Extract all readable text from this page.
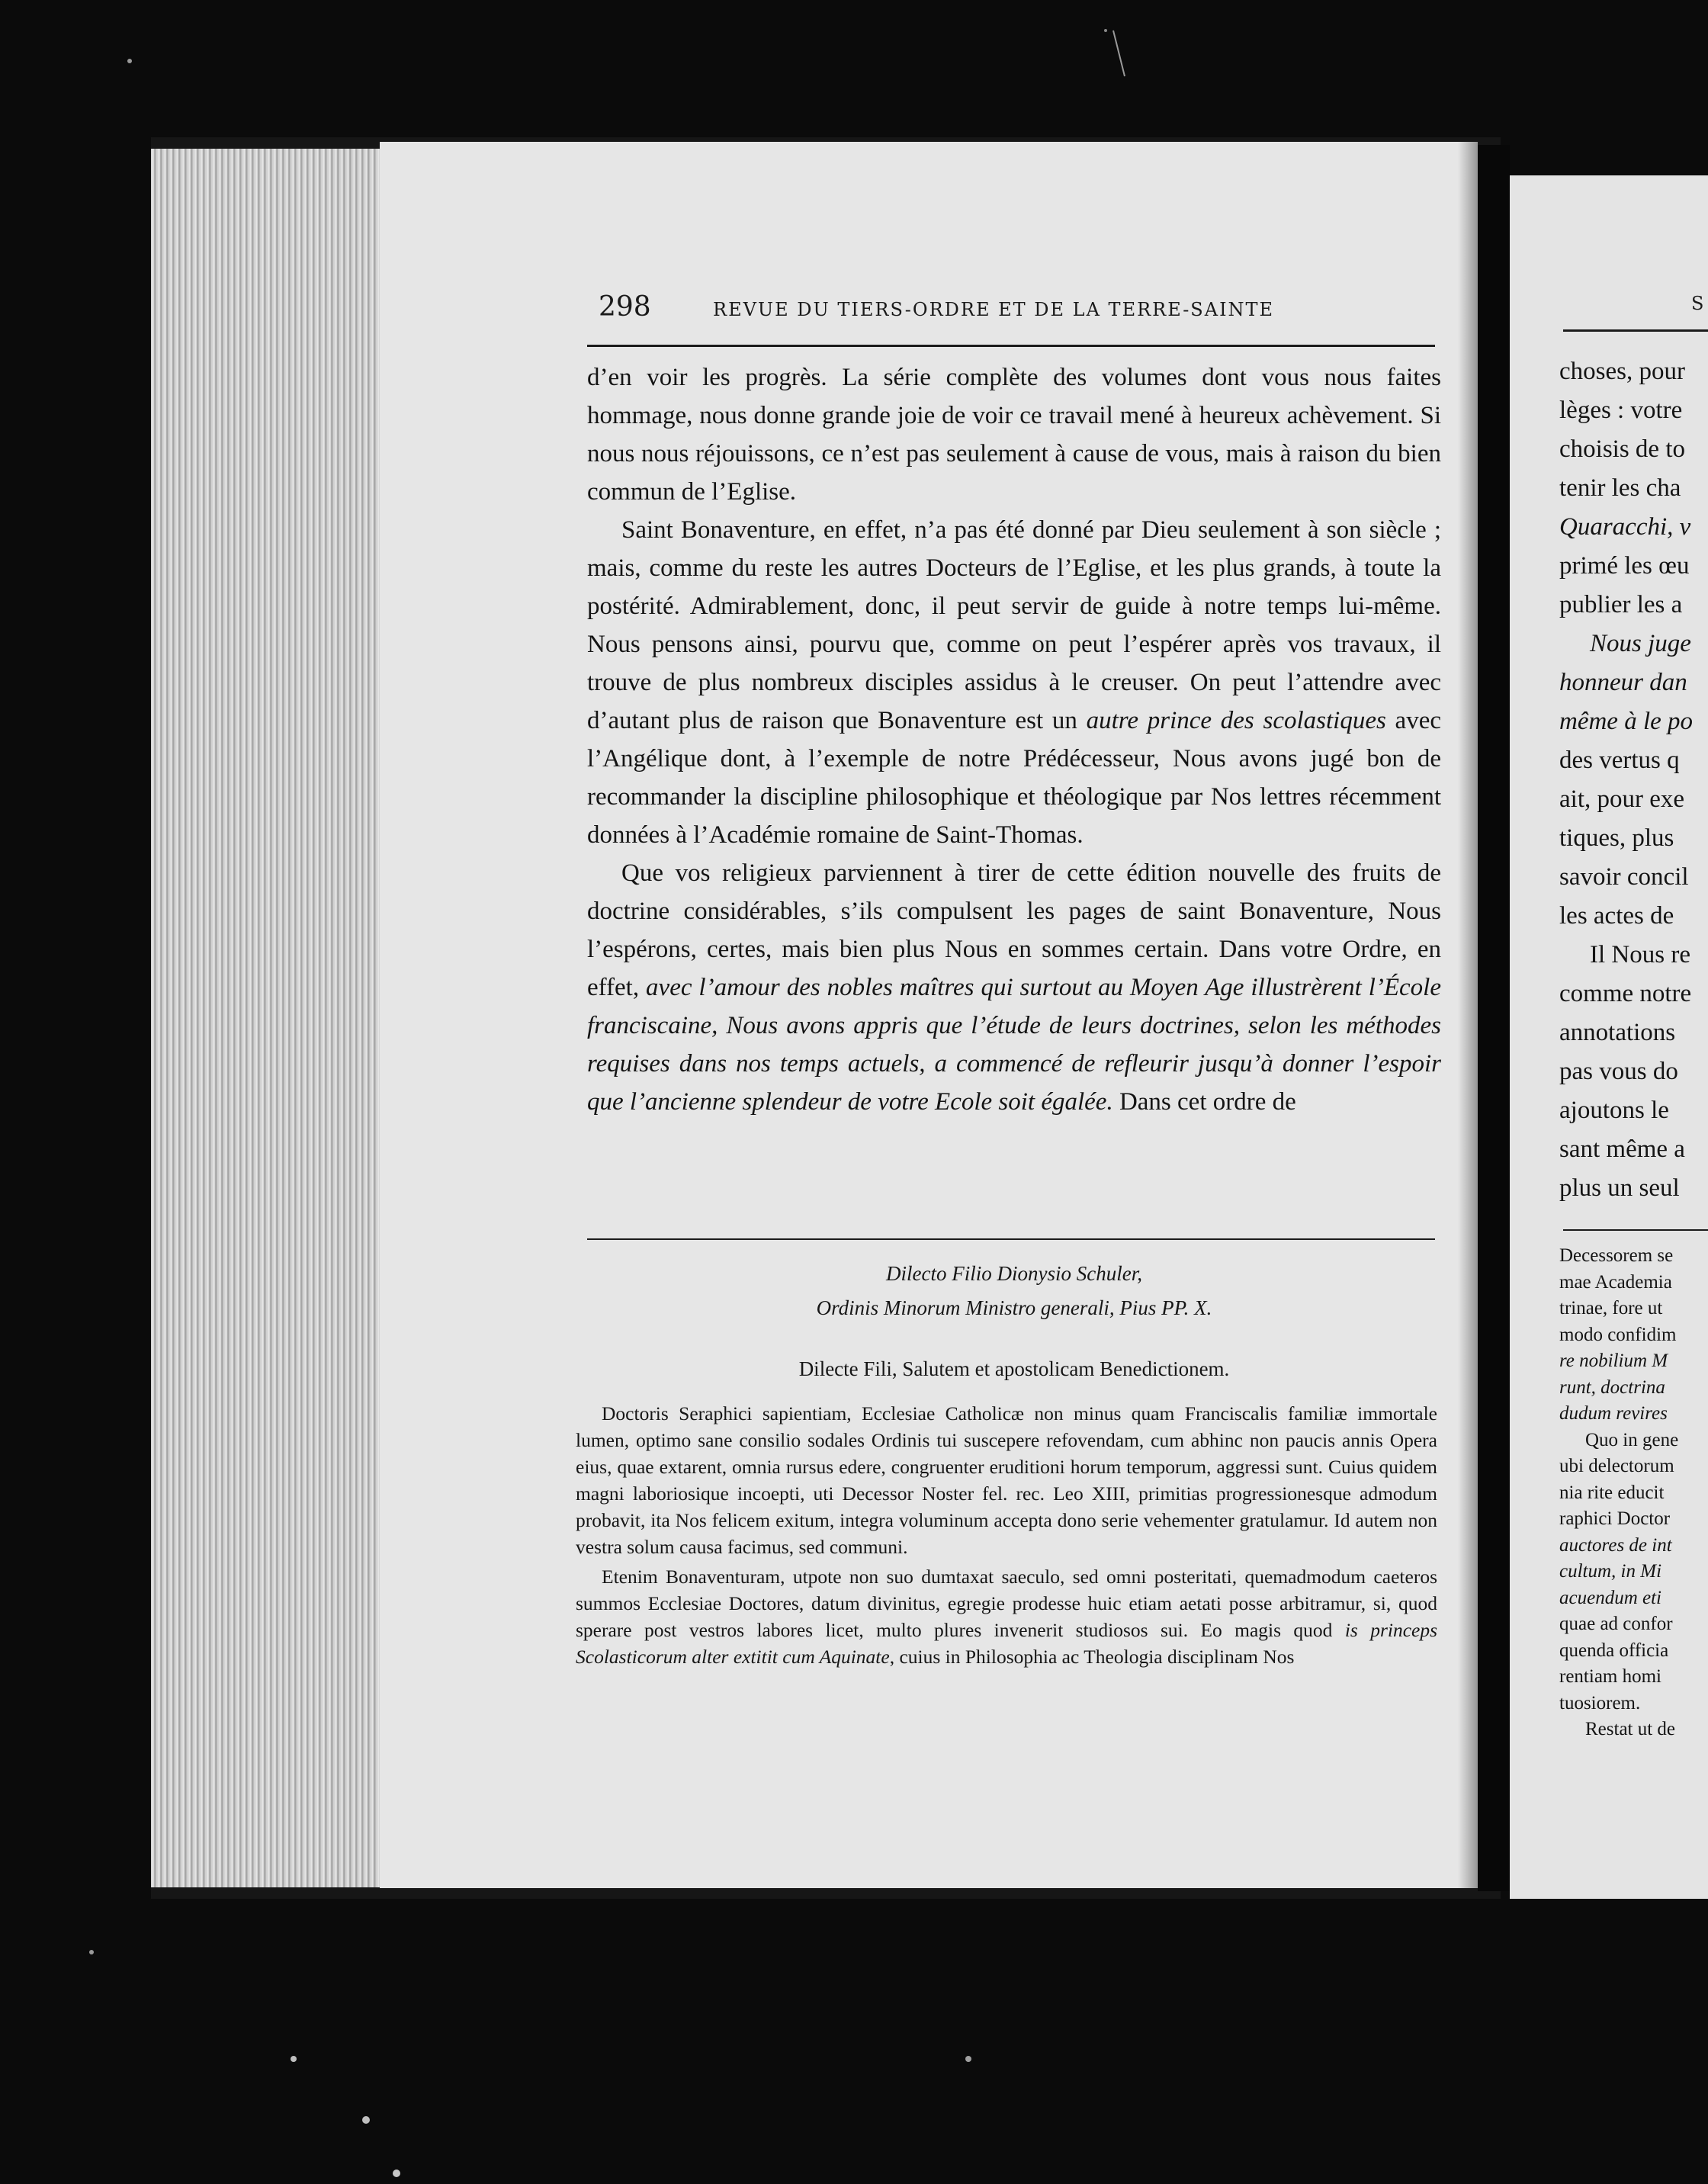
298	REVUE DU TIERS-ORDRE ET DE LA TERRE-SAINTE

d’en voir les progrès. La série complète des volumes dont vous nous faites hommage, nous donne grande joie de voir ce travail mené à heureux achèvement. Si nous nous réjouissons, ce n’est pas seulement à cause de vous, mais à raison du bien commun de l’Eglise.

Saint Bonaventure, en effet, n’a pas été donné par Dieu seulement à son siècle ; mais, comme du reste les autres Docteurs de l’Eglise, et les plus grands, à toute la postérité. Admirablement, donc, il peut servir de guide à notre temps lui-même. Nous pensons ainsi, pourvu que, comme on peut l’espérer après vos travaux, il trouve de plus nombreux disciples assidus à le creuser. On peut l’attendre avec d’autant plus de raison que Bonaventure est un autre prince des scolastiques avec l’Angélique dont, à l’exemple de notre Prédécesseur, Nous avons jugé bon de recommander la discipline philosophique et théologique par Nos lettres récemment données à l’Académie romaine de Saint-Thomas.

Que vos religieux parviennent à tirer de cette édition nouvelle des fruits de doctrine considérables, s’ils compulsent les pages de saint Bonaventure, Nous l’espérons, certes, mais bien plus Nous en sommes certain. Dans votre Ordre, en effet, avec l’amour des nobles maîtres qui surtout au Moyen Age illustrèrent l’École franciscaine, Nous avons appris que l’étude de leurs doctrines, selon les méthodes requises dans nos temps actuels, a commencé de refleurir jusqu’à donner l’espoir que l’ancienne splendeur de votre Ecole soit égalée. Dans cet ordre de

Dilecto Filio Dionysio Schuler,
Ordinis Minorum Ministro generali, Pius PP. X.
Dilecte Fili, Salutem et apostolicam Benedictionem.

Doctoris Seraphici sapientiam, Ecclesiae Catholicæ non minus quam Franciscalis familiæ immortale lumen, optimo sane consilio sodales Ordinis tui suscepere refovendam, cum abhinc non paucis annis Opera eius, quae extarent, omnia rursus edere, congruenter eruditioni horum temporum, aggressi sunt. Cuius quidem magni laboriosique incoepti, uti Decessor Noster fel. rec. Leo XIII, primitias progressionesque admodum probavit, ita Nos felicem exitum, integra voluminum accepta dono serie vehementer gratulamur. Id autem non vestra solum causa facimus, sed communi.

Etenim Bonaventuram, utpote non suo dumtaxat saeculo, sed omni posteritati, quemadmodum caeteros summos Ecclesiae Doctores, datum divinitus, egregie prodesse huic etiam aetati posse arbitramur, si, quod sperare post vestros labores licet, multo plures invenerit studiosos sui. Eo magis quod is princeps Scolasticorum alter extitit cum Aquinate, cuius in Philosophia ac Theologia disciplinam Nos

S
choses, pour
lèges : votre
choisis de to
tenir les cha
Quaracchi, v
primé les œu
publier les a
Nous juge
honneur dan
même à le po
des vertus q
ait, pour exe
tiques, plus
savoir concil
les actes de
Il Nous re
comme notre
annotations
pas vous do
ajoutons le
sant même a
plus un seul
Decessorem se
mae Academia
trinae, fore ut
modo confidim
re nobilium M
runt, doctrina
dudum revires
Quo in gene
ubi delectorum
nia rite educit
raphici Doctor
auctores de int
cultum, in Mi
acuendum eti
quae ad confor
quenda officia
rentiam homi
tuosiorem.
Restat ut de
